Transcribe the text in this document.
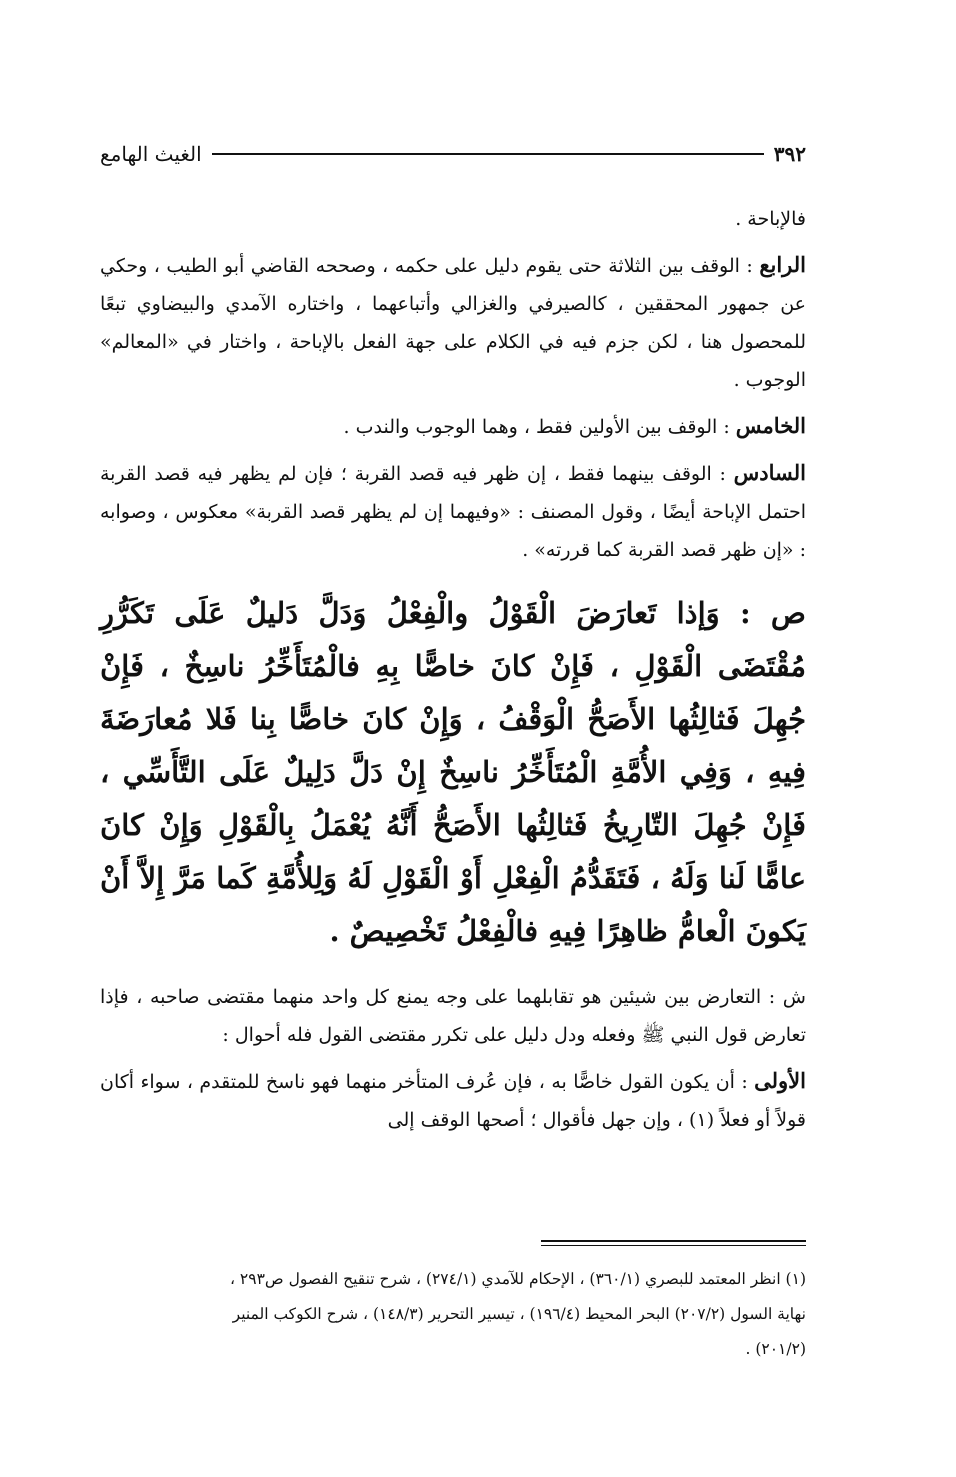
٣٩٢
الغيث الهامع

فالإباحة .

الرابع : الوقف بين الثلاثة حتى يقوم دليل على حكمه ، وصححه القاضي أبو الطيب ، وحكي عن جمهور المحققين ، كالصيرفي والغزالي وأتباعهما ، واختاره الآمدي والبيضاوي تبعًا للمحصول هنا ، لكن جزم فيه في الكلام على جهة الفعل بالإباحة ، واختار في «المعالم» الوجوب .

الخامس : الوقف بين الأولين فقط ، وهما الوجوب والندب .

السادس : الوقف بينهما فقط ، إن ظهر فيه قصد القربة ؛ فإن لم يظهر فيه قصد القربة احتمل الإباحة أيضًا ، وقول المصنف : «وفيهما إن لم يظهر قصد القربة» معكوس ، وصوابه : «إن ظهر قصد القربة كما قررته» .

ص : وَإذا تَعارَضَ الْقَوْلُ والْفِعْلُ وَدَلَّ دَليلٌ عَلَى تَكَرُّرِ مُقْتَضَى الْقَوْلِ ، فَإِنْ كانَ خاصًّا بِهِ فالْمُتَأَخِّرُ ناسِخٌ ، فَإِنْ جُهِلَ فَثالِثُها الأَصَحُّ الْوَقْفُ ، وَإِنْ كانَ خاصًّا بِنا فَلا مُعارَضَةَ فِيهِ ، وَفِي الأُمَّةِ الْمُتَأَخِّرُ ناسِخٌ إِنْ دَلَّ دَلِيلٌ عَلَى التَّأَسِّي ، فَإِنْ جُهِلَ التّارِيخُ فَثالِثُها الأَصَحُّ أَنَّهُ يُعْمَلُ بِالْقَوْلِ وَإِنْ كانَ عامًّا لَنا وَلَهُ ، فَتَقَدُّمُ الْفِعْلِ أَوْ الْقَوْلِ لَهُ وَلِلأُمَّةِ كَما مَرَّ إِلاَّ أَنْ يَكونَ الْعامُّ ظاهِرًا فِيهِ فالْفِعْلُ تَخْصِيصٌ .

ش : التعارض بين شيئين هو تقابلهما على وجه يمنع كل واحد منهما مقتضى صاحبه ، فإذا تعارض قول النبي ﷺ وفعله ودل دليل على تكرر مقتضى القول فله أحوال :

الأولى : أن يكون القول خاصًّا به ، فإن عُرف المتأخر منهما فهو ناسخ للمتقدم ، سواء أكان قولاً أو فعلاً (١) ، وإن جهل فأقوال ؛ أصحها الوقف إلى

(١) انظر المعتمد للبصري (٣٦٠/١) ، الإحكام للآمدي (٢٧٤/١) ، شرح تنقيح الفصول ص٢٩٣ ،
نهاية السول (٢٠٧/٢) البحر المحيط (١٩٦/٤) ، تيسير التحرير (١٤٨/٣) ، شرح الكوكب المنير
(٢٠١/٢) .
